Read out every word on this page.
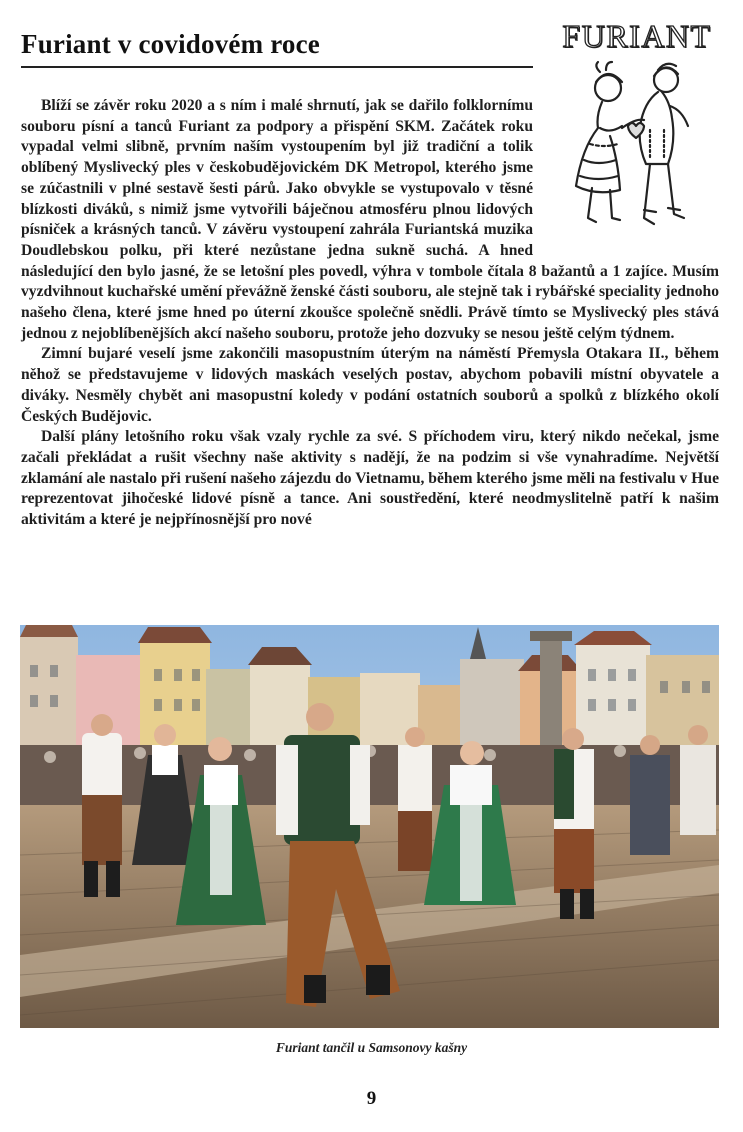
Furiant v covidovém roce	FURIANT

Blíží se závěr roku 2020 a s ním i malé shrnutí, jak se dařilo folklornímu souboru písní a tanců Furiant za podpory a přispění SKM. Začátek roku vypadal velmi slibně, prvním naším vystoupením byl již tradiční a tolik oblíbený Myslivecký ples v českobudějovickém DK Metropol, kterého jsme se zúčastnili v plné sestavě šesti párů. Jako obvykle se vystupovalo v těsné blízkosti diváků, s nimiž jsme vytvořili báječnou atmosféru plnou lidových písniček a krásných tanců. V závěru vystoupení zahrála Furiantská muzika Doudlebskou polku, při které nezůstane jedna sukně suchá. A hned následující den bylo jasné, že se letošní ples povedl, výhra v tombole čítala 8 bažantů a 1 zajíce. Musím vyzdvihnout kuchařské umění převážně ženské části souboru, ale stejně tak i rybářské speciality jednoho našeho člena, které jsme hned po úterní zkoušce společně snědli. Právě tímto se Myslivecký ples stává jednou z nejoblíbenějších akcí našeho souboru, protože jeho dozvuky se nesou ještě celým týdnem.

Zimní bujaré veselí jsme zakončili masopustním úterým na náměstí Přemysla Otakara II., během něhož se představujeme v lidových maskách veselých postav, abychom pobavili místní obyvatele a diváky. Nesměly chybět ani masopustní koledy v podání ostatních souborů a spolků z blízkého okolí Českých Budějovic.

Další plány letošního roku však vzaly rychle za své. S příchodem viru, který nikdo nečekal, jsme začali překládat a rušit všechny naše aktivity s nadějí, že na podzim si vše vynahradíme. Největší zklamání ale nastalo při rušení našeho zájezdu do Vietnamu, během kterého jsme měli na festivalu v Hue reprezentovat jihočeské lidové písně a tance. Ani soustředění, které neodmyslitelně patří k našim aktivitám a které je nejpřínosnější pro nové

Furiant tančil u Samsonovy kašny
9
